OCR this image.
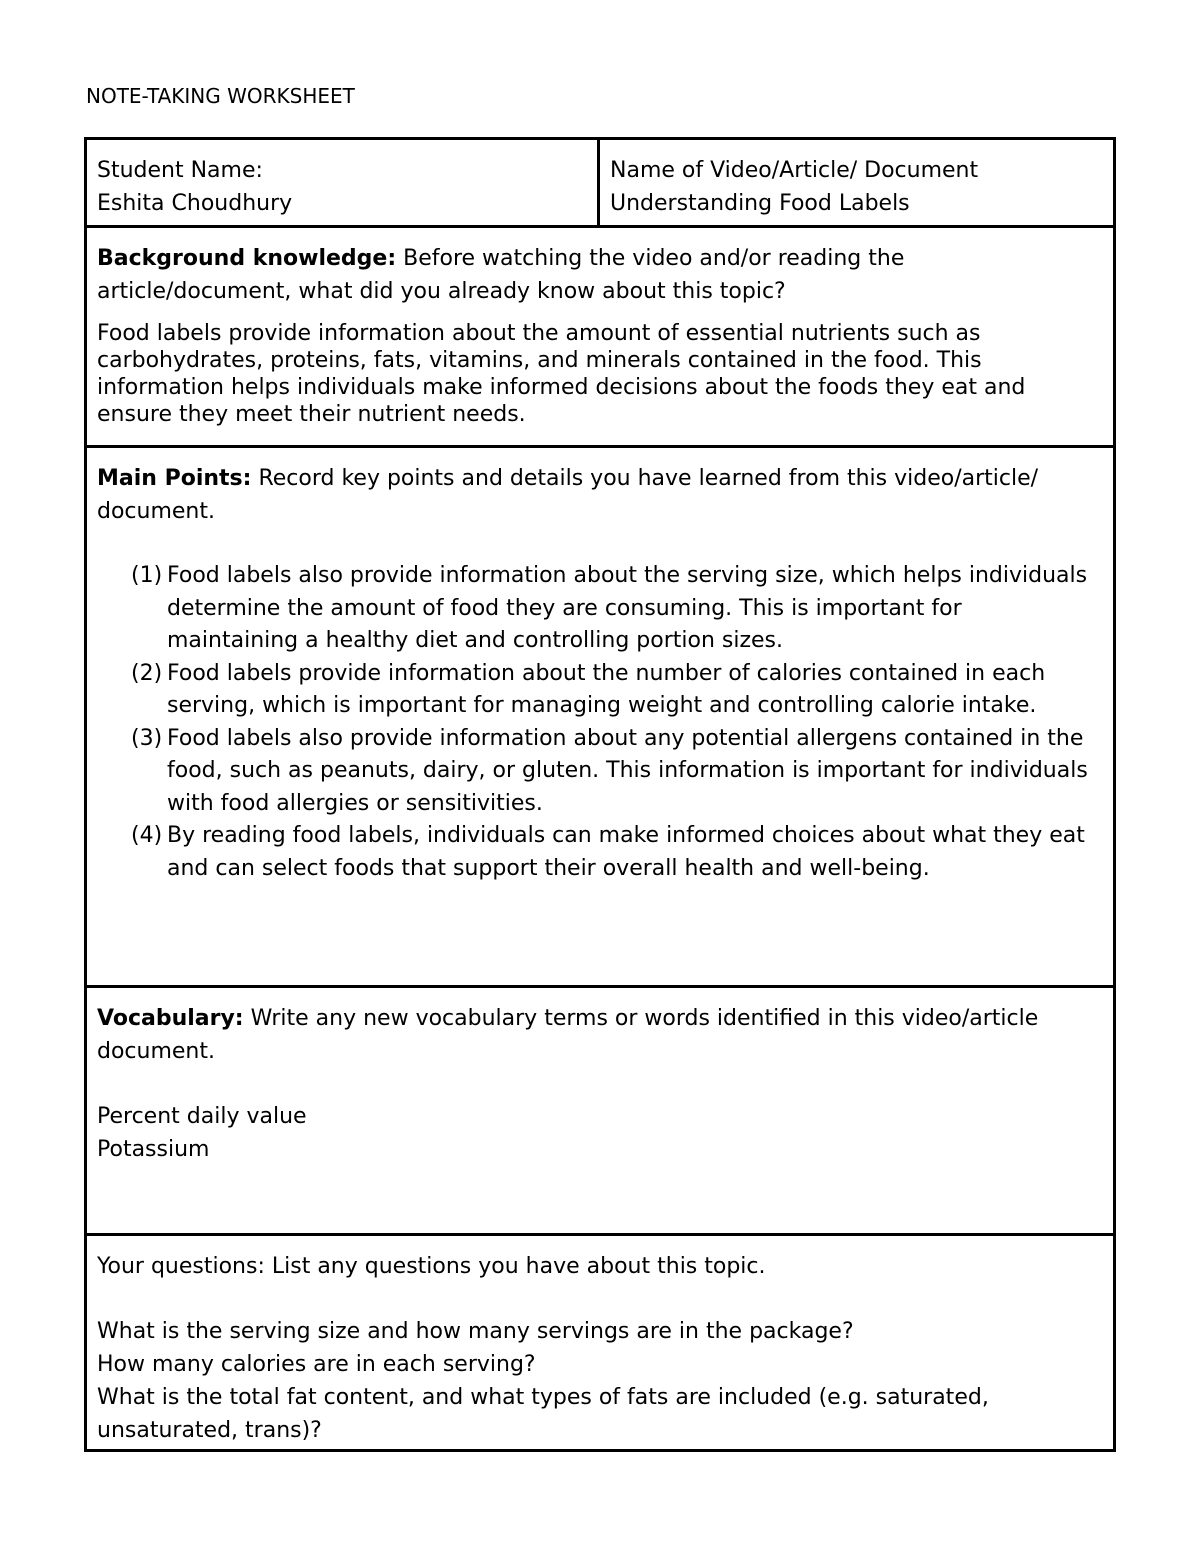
NOTE-TAKING WORKSHEET
Student Name:
Eshita Choudhury

Name of Video/Article/ Document
Understanding Food Labels

Background knowledge: Before watching the video and/or reading the article/document, what did you already know about this topic?
Food labels provide information about the amount of essential nutrients such as carbohydrates, proteins, fats, vitamins, and minerals contained in the food. This information helps individuals make informed decisions about the foods they eat and ensure they meet their nutrient needs.

Main Points: Record key points and details you have learned from this video/article/ document.
(1) Food labels also provide information about the serving size, which helps individuals determine the amount of food they are consuming. This is important for maintaining a healthy diet and controlling portion sizes.
(2) Food labels provide information about the number of calories contained in each serving, which is important for managing weight and controlling calorie intake.
(3) Food labels also provide information about any potential allergens contained in the food, such as peanuts, dairy, or gluten. This information is important for individuals with food allergies or sensitivities.
(4) By reading food labels, individuals can make informed choices about what they eat and can select foods that support their overall health and well-being.

Vocabulary: Write any new vocabulary terms or words identified in this video/article document.
Percent daily value
Potassium

Your questions: List any questions you have about this topic.
What is the serving size and how many servings are in the package?
How many calories are in each serving?
What is the total fat content, and what types of fats are included (e.g. saturated, unsaturated, trans)?
